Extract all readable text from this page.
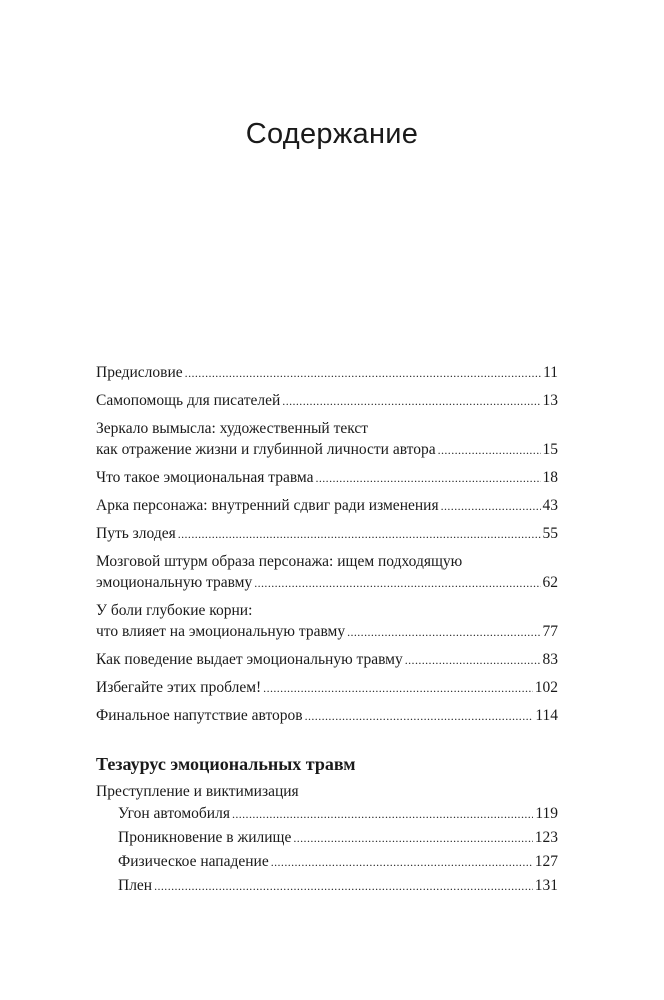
Содержание
Предисловие .....	11
Самопомощь для писателей .....	13
Зеркало вымысла: художественный текст
как отражение жизни и глубинной личности автора .....	15
Что такое эмоциональная травма .....	18
Арка персонажа: внутренний сдвиг ради изменения .....	43
Путь злодея .....	55
Мозговой штурм образа персонажа: ищем подходящую
эмоциональную травму .....	62
У боли глубокие корни:
что влияет на эмоциональную травму .....	77
Как поведение выдает эмоциональную травму .....	83
Избегайте этих проблем! .....	102
Финальное напутствие авторов .....	114
Тезаурус эмоциональных травм
Преступление и виктимизация
Угон автомобиля .....	119
Проникновение в жилище .....	123
Физическое нападение .....	127
Плен .....	131
